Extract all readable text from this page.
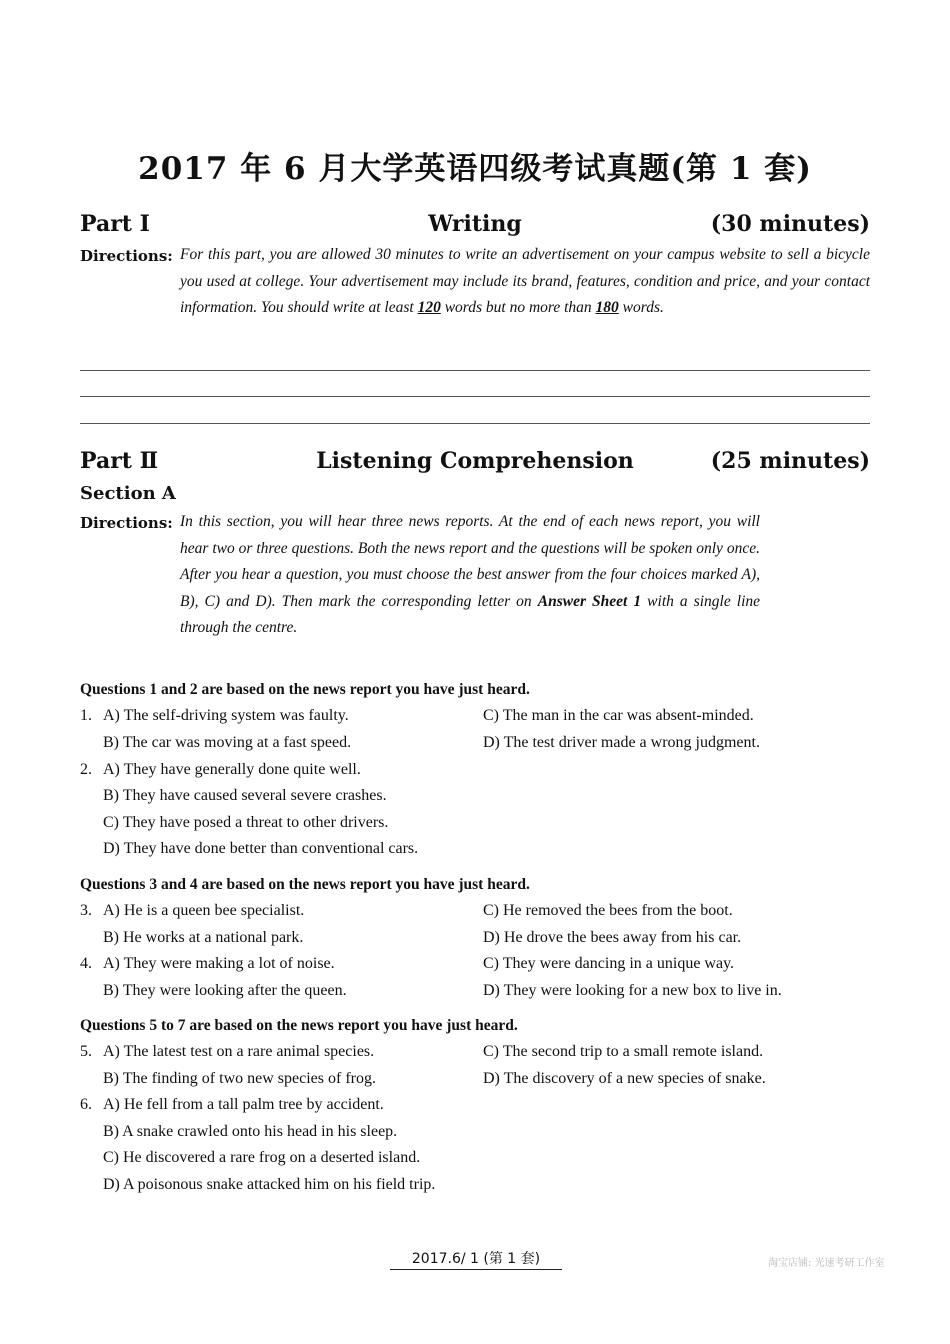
2017 年 6 月大学英语四级考试真题(第 1 套)
Part Ⅰ	Writing	(30 minutes)
Directions: For this part, you are allowed 30 minutes to write an advertisement on your campus website to sell a bicycle you used at college. Your advertisement may include its brand, features, condition and price, and your contact information. You should write at least 120 words but no more than 180 words.
Part Ⅱ	Listening Comprehension	(25 minutes)
Section A
Directions: In this section, you will hear three news reports. At the end of each news report, you will hear two or three questions. Both the news report and the questions will be spoken only once. After you hear a question, you must choose the best answer from the four choices marked A), B), C) and D). Then mark the corresponding letter on Answer Sheet 1 with a single line through the centre.
Questions 1 and 2 are based on the news report you have just heard.
1. A) The self-driving system was faulty.	C) The man in the car was absent-minded.
B) The car was moving at a fast speed.	D) The test driver made a wrong judgment.
2. A) They have generally done quite well.
B) They have caused several severe crashes.
C) They have posed a threat to other drivers.
D) They have done better than conventional cars.
Questions 3 and 4 are based on the news report you have just heard.
3. A) He is a queen bee specialist.	C) He removed the bees from the boot.
B) He works at a national park.	D) He drove the bees away from his car.
4. A) They were making a lot of noise.	C) They were dancing in a unique way.
B) They were looking after the queen.	D) They were looking for a new box to live in.
Questions 5 to 7 are based on the news report you have just heard.
5. A) The latest test on a rare animal species.	C) The second trip to a small remote island.
B) The finding of two new species of frog.	D) The discovery of a new species of snake.
6. A) He fell from a tall palm tree by accident.
B) A snake crawled onto his head in his sleep.
C) He discovered a rare frog on a deserted island.
D) A poisonous snake attacked him on his field trip.
2017.6/ 1 (第 1 套)	淘宝店铺: 光速考研工作室
